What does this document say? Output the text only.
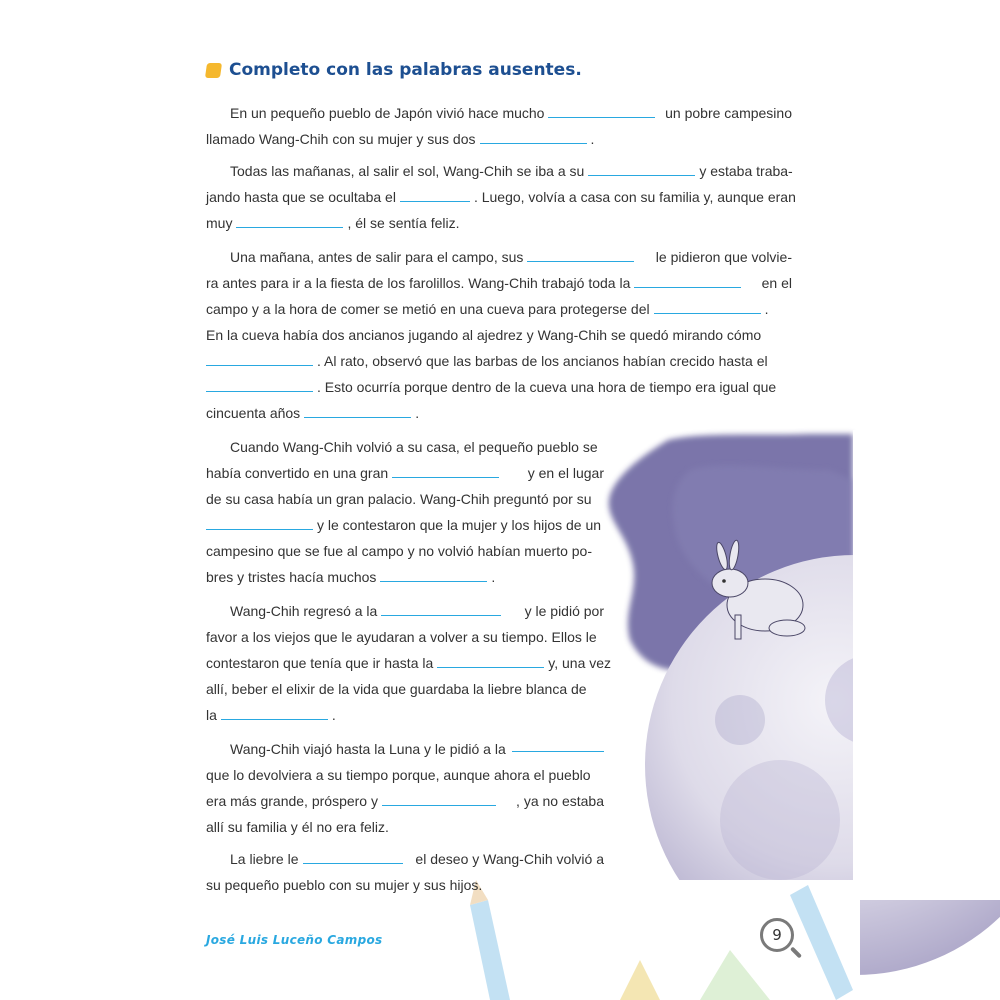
Completo con las palabras ausentes.
En un pequeño pueblo de Japón vivió hace mucho	un pobre campesino
llamado Wang-Chih con su mujer y sus dos	.
Todas las mañanas, al salir el sol, Wang-Chih se iba a su	y estaba traba-
jando hasta que se ocultaba el	. Luego, volvía a casa con su familia y, aunque eran
muy	, él se sentía feliz.
Una mañana, antes de salir para el campo, sus	le pidieron que volvie-
ra antes para ir a la fiesta de los farolillos. Wang-Chih trabajó toda la	en el
campo y a la hora de comer se metió en una cueva para protegerse del	.
En la cueva había dos ancianos jugando al ajedrez y Wang-Chih se quedó mirando cómo
. Al rato, observó que las barbas de los ancianos habían crecido hasta el
. Esto ocurría porque dentro de la cueva una hora de tiempo era igual que
cincuenta años	.
Cuando Wang-Chih volvió a su casa, el pequeño pueblo se
había convertido en una gran	y en el lugar
de su casa había un gran palacio. Wang-Chih preguntó por su
y le contestaron que la mujer y los hijos de un
campesino que se fue al campo y no volvió habían muerto po-
bres y tristes hacía muchos	.
Wang-Chih regresó a la	y le pidió por
favor a los viejos que le ayudaran a volver a su tiempo. Ellos le
contestaron que tenía que ir hasta la	y, una vez
allí, beber el elixir de la vida que guardaba la liebre blanca de
la	.
Wang-Chih viajó hasta la Luna y le pidió a la
que lo devolviera a su tiempo porque, aunque ahora el pueblo
era más grande, próspero y	, ya no estaba
allí su familia y él no era feliz.
La liebre le	el deseo y Wang-Chih volvió a
su pequeño pueblo con su mujer y sus hijos.
José Luis Luceño Campos	9
